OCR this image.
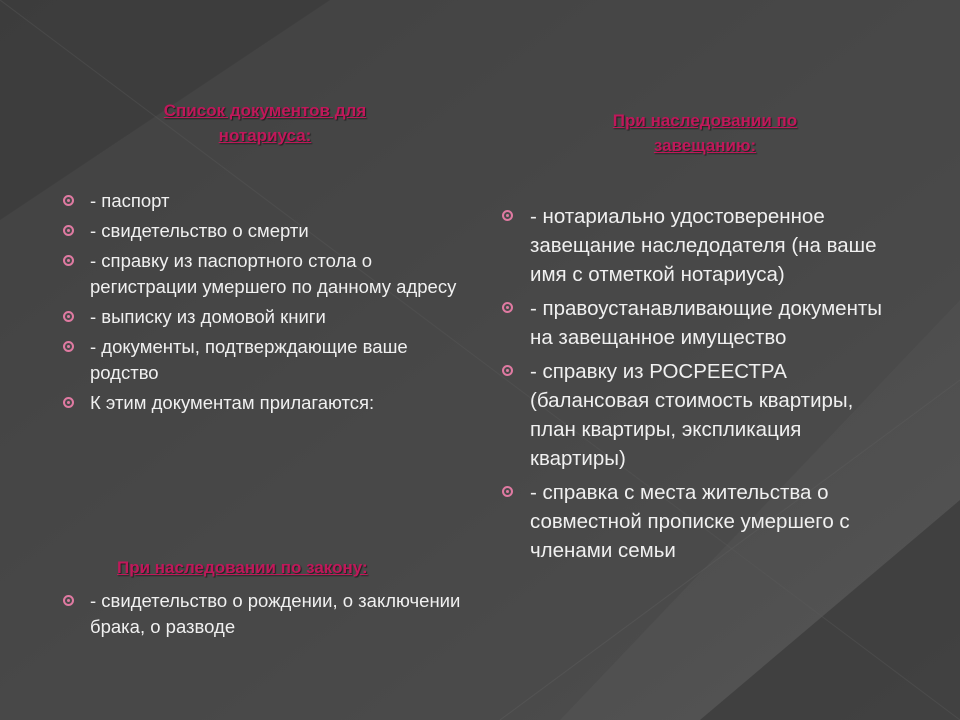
Список документов для
нотариуса:
При наследовании по
завещанию:
- паспорт
- свидетельство о смерти
- справку из паспортного стола о регистрации умершего по данному адресу
- выписку из домовой книги
- документы, подтверждающие ваше родство
К этим документам прилагаются:
При наследовании по закону:
- свидетельство о рождении, о заключении брака, о разводе
- нотариально удостоверенное завещание наследодателя (на ваше имя с отметкой нотариуса)
- правоустанавливающие документы на завещанное имущество
- справку из РОСРЕЕСТРА (балансовая стоимость квартиры, план квартиры, экспликация квартиры)
- справка с места жительства о совместной прописке умершего с членами семьи
